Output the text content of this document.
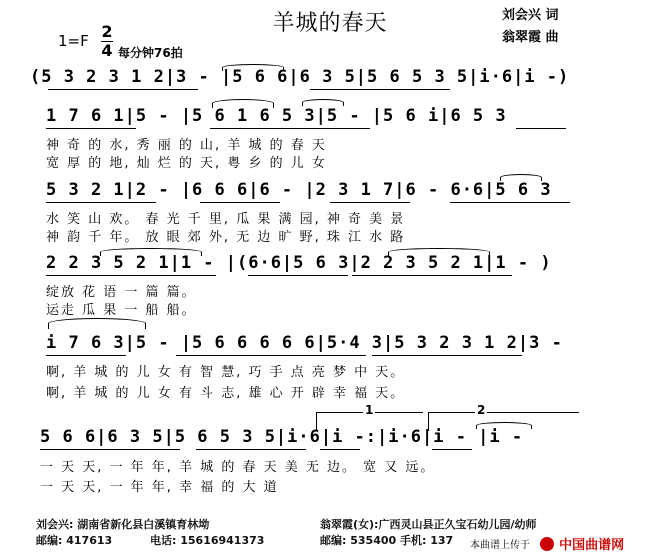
羊城的春天	刘会兴 词
翁翠霞 曲
1=F 2
4 每分钟76拍
(5 3 2 3 1 2|3 - |5 6 6|6 3 5|5 6 5 3 5|i·6|i -)
1 7 6 1|5 - |5 6 1 6 5 3|5 - |5 6 i|6 5 3
神 奇 的 水, 秀 丽 的 山, 羊 城 的 春 天
宽 厚 的 地, 灿 烂 的 天, 粤 乡 的 儿 女
5 3 2 1|2 - |6 6 6|6 - |2 3 1 7|6 - 6·6|5 6 3
水 笑 山 欢。 春 光 千 里, 瓜 果 满 园, 神 奇 美 景
神 韵 千 年。 放 眼 郊 外, 无 边 旷 野, 珠 江 水 路
2 2 3 5 2 1|1 - |(6·6|5 6 3|2 2 3 5 2 1|1 - )
绽放 花 语 一 篇 篇。
运走 瓜 果 一 船 船。
i 7 6 3|5 - |5 6 6 6 6 6|5·4 3|5 3 2 3 1 2|3 -
啊, 羊 城 的 儿 女 有 智 慧, 巧 手 点 亮 梦 中 天。
啊, 羊 城 的 儿 女 有 斗 志, 雄 心 开 辟 幸 福 天。
1	2
5 6 6|6 3 5|5 6 5 3 5|i·6|i -:|i·6|i - |i -
一 天 天, 一 年 年, 羊 城 的 春 天 美 无 边。 宽 又 远。
一 天 天, 一 年 年, 幸 福 的 大 道
刘会兴: 湖南省新化县白溪镇育林坳	翁翠霞(女):广西灵山县正久宝石幼儿园/幼师
邮编: 417613	电话: 15616941373	邮编: 535400 手机: 137 本曲谱上传于	中国曲谱网
